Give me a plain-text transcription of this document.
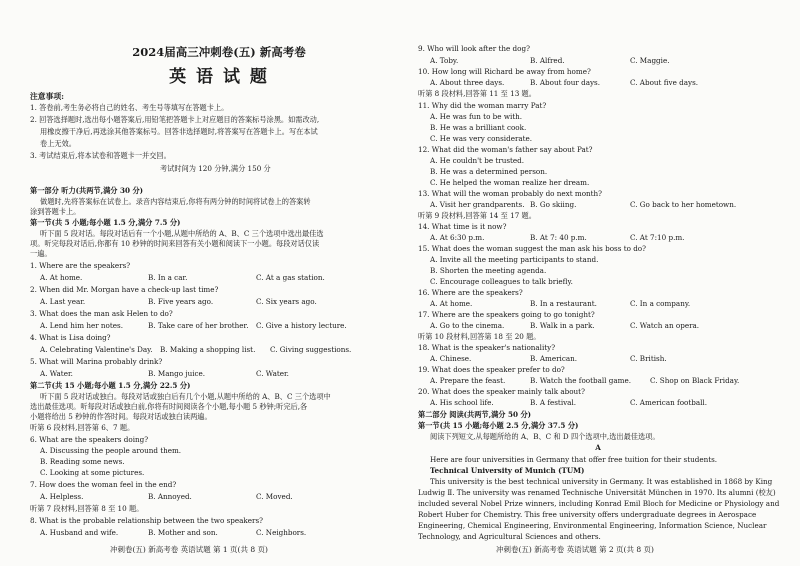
2024届高三冲刺卷(五) 新高考卷
英 语 试 题
注意事项:
1. 答卷前,考生务必将自己的姓名、考生号等填写在答题卡上。
2. 回答选择题时,选出每小题答案后,用铅笔把答题卡上对应题目的答案标号涂黑。如需改动,
用橡皮擦干净后,再选涂其他答案标号。回答非选择题时,将答案写在答题卡上。写在本试
卷上无效。
3. 考试结束后,将本试卷和答题卡一并交回。
考试时间为 120 分钟,满分 150 分
第一部分 听力(共两节,满分 30 分)
做题时,先将答案标在试卷上。录音内容结束后,你将有两分钟的时间将试卷上的答案转
涂到答题卡上。
第一节(共 5 小题;每小题 1.5 分,满分 7.5 分)
听下面 5 段对话。每段对话后有一个小题,从题中所给的 A、B、C 三个选项中选出最佳选
项。听完每段对话后,你都有 10 秒钟的时间来回答有关小题和阅读下一小题。每段对话仅读
一遍。
1. Where are the speakers?
A. At home.	B. In a car.	C. At a gas station.
2. When did Mr. Morgan have a check-up last time?
A. Last year.	B. Five years ago.	C. Six years ago.
3. What does the man ask Helen to do?
A. Lend him her notes.	B. Take care of her brother. C. Give a history lecture.
4. What is Lisa doing?
A. Celebrating Valentine's Day. B. Making a shopping list. C. Giving suggestions.
5. What will Marina probably drink?
A. Water.	B. Mango juice.	C. Water.
第二节(共 15 小题;每小题 1.5 分,满分 22.5 分)
听下面 5 段对话或独白。每段对话或独白后有几个小题,从题中所给的 A、B、C 三个选项中
选出最佳选项。听每段对话或独白前,你将有时间阅读各个小题,每小题 5 秒钟;听完后,各
小题将给出 5 秒钟的作答时间。每段对话或独白读两遍。
听第 6 段材料,回答第 6、7 题。
6. What are the speakers doing?
A. Discussing the people around them.
B. Reading some news.
C. Looking at some pictures.
7. How does the woman feel in the end?
A. Helpless.	B. Annoyed.	C. Moved.
听第 7 段材料,回答第 8 至 10 题。
8. What is the probable relationship between the two speakers?
A. Husband and wife.	B. Mother and son.	C. Neighbors.
冲刺卷(五) 新高考卷 英语试题 第 1 页(共 8 页)
9. Who will look after the dog?
A. Toby.	B. Alfred.	C. Maggie.
10. How long will Richard be away from home?
A. About three days.	B. About four days.	C. About five days.
听第 8 段材料,回答第 11 至 13 题。
11. Why did the woman marry Pat?
A. He was fun to be with.
B. He was a brilliant cook.
C. He was very considerate.
12. What did the woman's father say about Pat?
A. He couldn't be trusted.
B. He was a determined person.
C. He helped the woman realize her dream.
13. What will the woman probably do next month?
A. Visit her grandparents. B. Go skiing.	C. Go back to her hometown.
听第 9 段材料,回答第 14 至 17 题。
14. What time is it now?
A. At 6:30 p.m.	B. At 7: 40 p.m.	C. At 7:10 p.m.
15. What does the woman suggest the man ask his boss to do?
A. Invite all the meeting participants to stand.
B. Shorten the meeting agenda.
C. Encourage colleagues to talk briefly.
16. Where are the speakers?
A. At home.	B. In a restaurant.	C. In a company.
17. Where are the speakers going to go tonight?
A. Go to the cinema.	B. Walk in a park.	C. Watch an opera.
听第 10 段材料,回答第 18 至 20 题。
18. What is the speaker's nationality?
A. Chinese.	B. American.	C. British.
19. What does the speaker prefer to do?
A. Prepare the feast.	B. Watch the football game.	C. Shop on Black Friday.
20. What does the speaker mainly talk about?
A. His school life.	B. A festival.	C. American football.
第二部分 阅读(共两节,满分 50 分)
第一节(共 15 小题;每小题 2.5 分,满分 37.5 分)
阅读下列短文,从每题所给的 A、B、C 和 D 四个选项中,选出最佳选项。
A
Here are four universities in Germany that offer free tuition for their students.
Technical University of Munich (TUM)
This university is the best technical university in Germany. It was established in 1868 by King
Ludwig Ⅱ. The university was renamed Technische Universität München in 1970. Its alumni (校友)
included several Nobel Prize winners, including Konrad Emil Bloch for Medicine or Physiology and
Robert Huber for Chemistry. This free university offers undergraduate degrees in Aerospace
Engineering, Chemical Engineering, Environmental Engineering, Information Science, Nuclear
Technology, and Agricultural Sciences and others.
冲刺卷(五) 新高考卷 英语试题 第 2 页(共 8 页)
